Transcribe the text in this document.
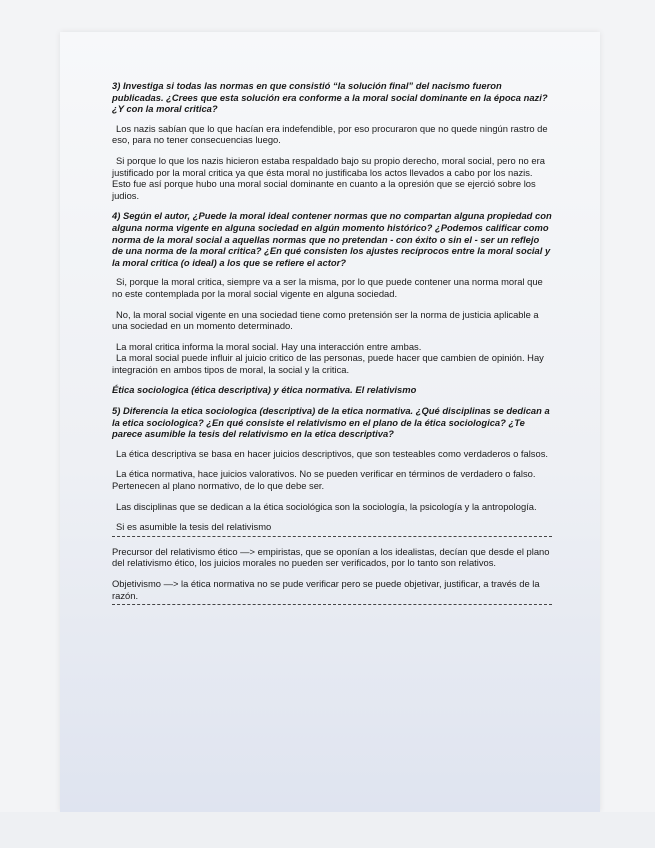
3) Investiga si todas las normas en que consistió “la solución final” del nacismo fueron publicadas. ¿Crees que esta solución era conforme a la moral social dominante en la época nazi? ¿Y con la moral critica?

Los nazis sabían que lo que hacían era indefendible, por eso procuraron que no quede ningún rastro de eso, para no tener consecuencias luego.

Si porque lo que los nazis hicieron estaba respaldado bajo su propio derecho, moral social, pero no era justificado por la moral critica ya que ésta moral no justificaba los actos llevados a cabo por los nazis. Esto fue así porque hubo una moral social dominante en cuanto a la opresión que se ejerció sobre los judios.

4) Según el autor, ¿Puede la moral ideal contener normas que no compartan alguna propiedad con alguna norma vigente en alguna sociedad en algún momento histórico? ¿Podemos calificar como norma de la moral social a aquellas normas que no pretendan - con éxito o sin el - ser un reflejo de una norma de la moral critica? ¿En qué consisten los ajustes recíprocos entre la moral social y la moral critica (o ideal) a los que se refiere el actor?

Si, porque la moral critica, siempre va a ser la misma, por lo que puede contener una norma moral que no este contemplada por la moral social vigente en alguna sociedad.

No, la moral social vigente en una sociedad tiene como pretensión ser la norma de justicia aplicable a una sociedad en un momento determinado.

La moral critica informa la moral social. Hay una interacción entre ambas.

La moral social puede influir al juicio critico de las personas, puede hacer que cambien de opinión. Hay integración en ambos tipos de moral, la social y la critica.

Ética sociologica (ética descriptiva) y ética normativa. El relativismo

5) Diferencia la etica sociologica (descriptiva) de la etica normativa. ¿Qué disciplinas se dedican a la etica sociologica? ¿En qué consiste el relativismo en el plano de la ética sociologica? ¿Te parece asumible la tesis del relativismo en la etica descriptiva?

La ética descriptiva se basa en hacer juicios descriptivos, que son testeables como verdaderos o falsos.

La ética normativa, hace juicios valorativos. No se pueden verificar en términos de verdadero o falso. Pertenecen al plano normativo, de lo que debe ser.

Las disciplinas que se dedican a la ética sociológica son la sociología, la psicología y la antropología.

Si es asumible la tesis del relativismo

Precursor del relativismo ético —> empiristas, que se oponían a los idealistas, decían que desde el plano del relativismo ético, los juicios morales no pueden ser verificados, por lo tanto son relativos.

Objetivismo —> la ética normativa no se pude verificar pero se puede objetivar, justificar, a través de la razón.
